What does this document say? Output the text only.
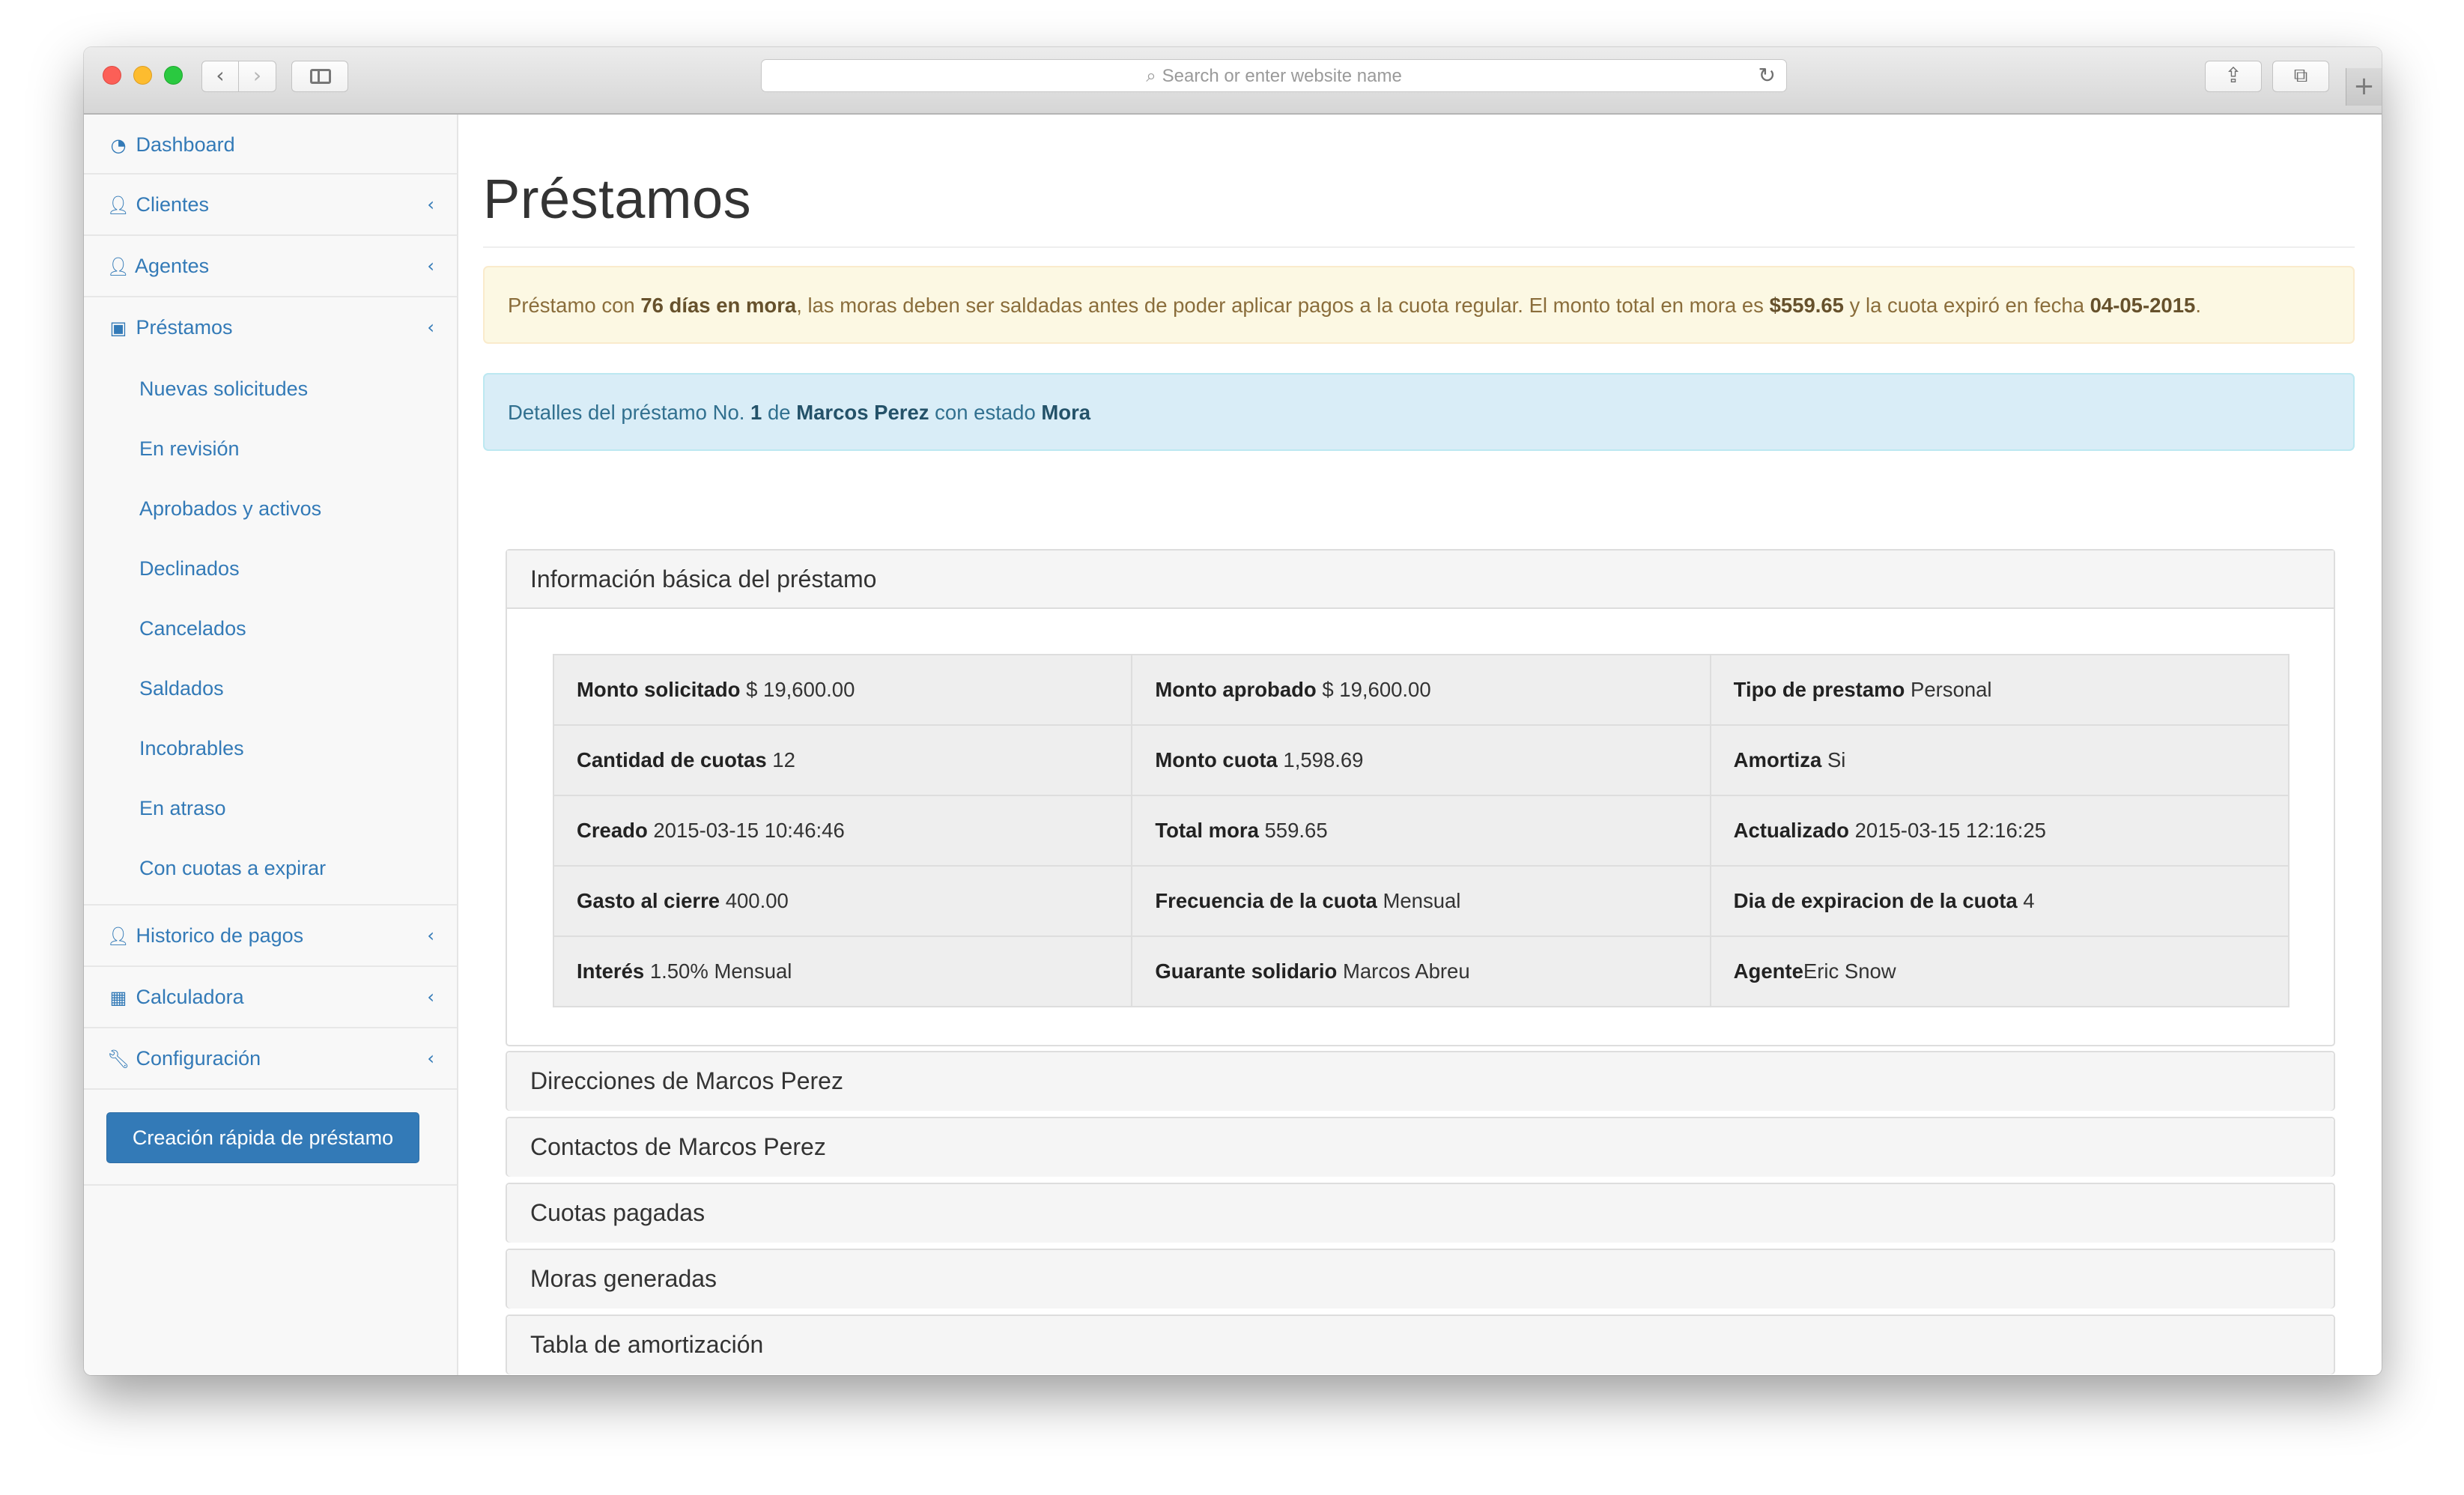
‹	›	⌕ Search or enter website name	↻	⇪	⧉	+
◔ Dashboard
👤︎ Clientes	‹
👤︎ Agentes	‹
▣ Préstamos	‹
Nuevas solicitudes
En revisión
Aprobados y activos
Declinados
Cancelados
Saldados
Incobrables
En atraso
Con cuotas a expirar
👤︎ Historico de pagos	‹
▦ Calculadora	‹
🔧︎ Configuración	‹
Creación rápida de préstamo
Préstamos
Préstamo con 76 días en mora, las moras deben ser saldadas antes de poder aplicar pagos a la cuota regular. El monto total en mora es $559.65 y la cuota expiró en fecha 04-05-2015.
Detalles del préstamo No. 1 de Marcos Perez con estado Mora
Información básica del préstamo
Monto solicitado $ 19,600.00	Monto aprobado $ 19,600.00	Tipo de prestamo Personal
Cantidad de cuotas 12	Monto cuota 1,598.69	Amortiza Si
Creado 2015-03-15 10:46:46	Total mora 559.65	Actualizado 2015-03-15 12:16:25
Gasto al cierre 400.00	Frecuencia de la cuota Mensual	Dia de expiracion de la cuota 4
Interés 1.50% Mensual	Guarante solidario Marcos Abreu	AgenteEric Snow
Direcciones de Marcos Perez
Contactos de Marcos Perez
Cuotas pagadas
Moras generadas
Tabla de amortización
